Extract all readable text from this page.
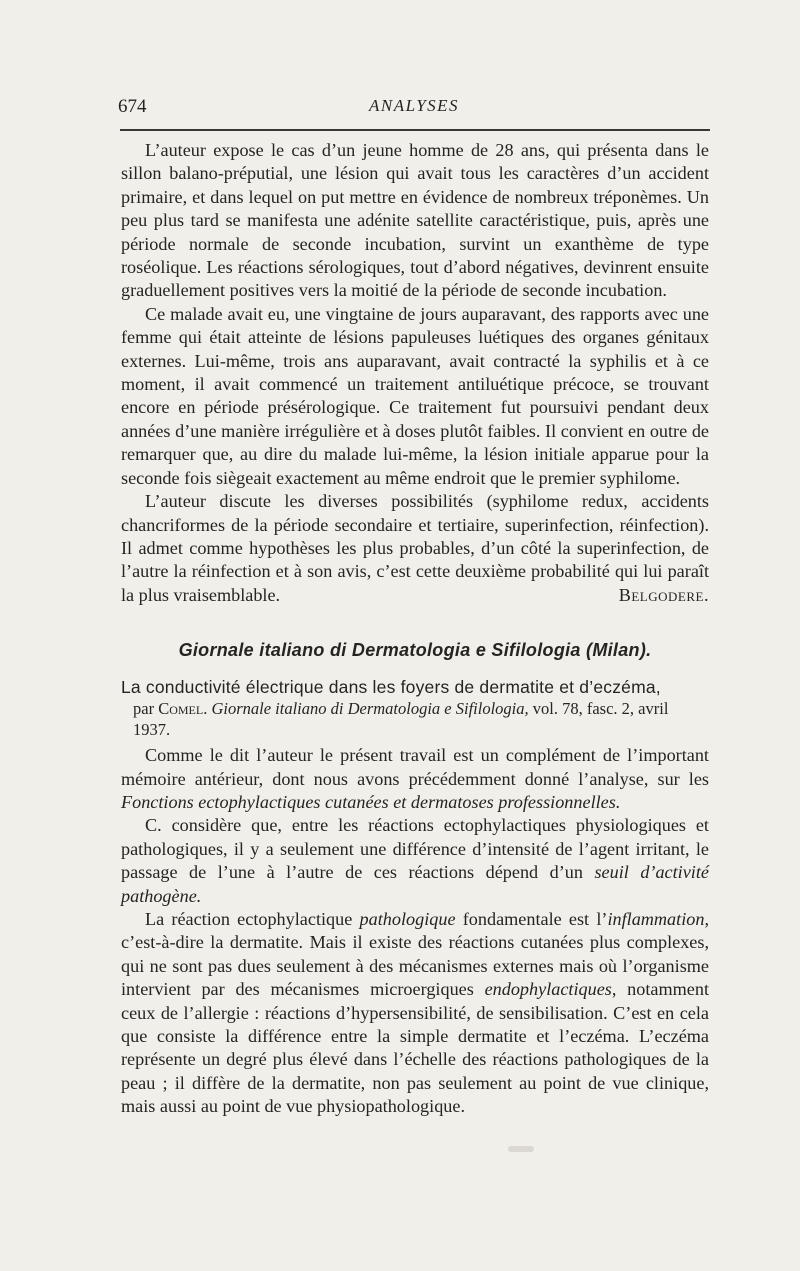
674	ANALYSES

L’auteur expose le cas d’un jeune homme de 28 ans, qui présenta dans le sillon balano-préputial, une lésion qui avait tous les caractères d’un accident primaire, et dans lequel on put mettre en évidence de nombreux tréponèmes. Un peu plus tard se manifesta une adénite satellite caractéristique, puis, après une période normale de seconde incubation, survint un exanthème de type roséolique. Les réactions sérologiques, tout d’abord négatives, devinrent ensuite graduellement positives vers la moitié de la période de seconde incubation.

Ce malade avait eu, une vingtaine de jours auparavant, des rapports avec une femme qui était atteinte de lésions papuleuses luétiques des organes génitaux externes. Lui-même, trois ans auparavant, avait contracté la syphilis et à ce moment, il avait commencé un traitement antiluétique précoce, se trouvant encore en période présérologique. Ce traitement fut poursuivi pendant deux années d’une manière irrégulière et à doses plutôt faibles. Il convient en outre de remarquer que, au dire du malade lui-même, la lésion initiale apparue pour la seconde fois siègeait exactement au même endroit que le premier syphilome.

L’auteur discute les diverses possibilités (syphilome redux, accidents chancriformes de la période secondaire et tertiaire, superinfection, réinfection). Il admet comme hypothèses les plus probables, d’un côté la superinfection, de l’autre la réinfection et à son avis, c’est cette deuxième probabilité qui lui paraît la plus vraisemblable.	Belgodere.

Giornale italiano di Dermatologia e Sifilologia (Milan).
La conductivité électrique dans les foyers de dermatite et d’eczéma,
par Comel. Giornale italiano di Dermatologia e Sifilologia, vol. 78, fasc. 2, avril 1937.

Comme le dit l’auteur le présent travail est un complément de l’important mémoire antérieur, dont nous avons précédemment donné l’analyse, sur les Fonctions ectophylactiques cutanées et dermatoses professionnelles.

C. considère que, entre les réactions ectophylactiques physiologiques et pathologiques, il y a seulement une différence d’intensité de l’agent irritant, le passage de l’une à l’autre de ces réactions dépend d’un seuil d’activité pathogène.

La réaction ectophylactique pathologique fondamentale est l’inflammation, c’est-à-dire la dermatite. Mais il existe des réactions cutanées plus complexes, qui ne sont pas dues seulement à des mécanismes externes mais où l’organisme intervient par des mécanismes microergiques endophylactiques, notamment ceux de l’allergie : réactions d’hypersensibilité, de sensibilisation. C’est en cela que consiste la différence entre la simple dermatite et l’eczéma. L’eczéma représente un degré plus élevé dans l’échelle des réactions pathologiques de la peau ; il diffère de la dermatite, non pas seulement au point de vue clinique, mais aussi au point de vue physiopathologique.
